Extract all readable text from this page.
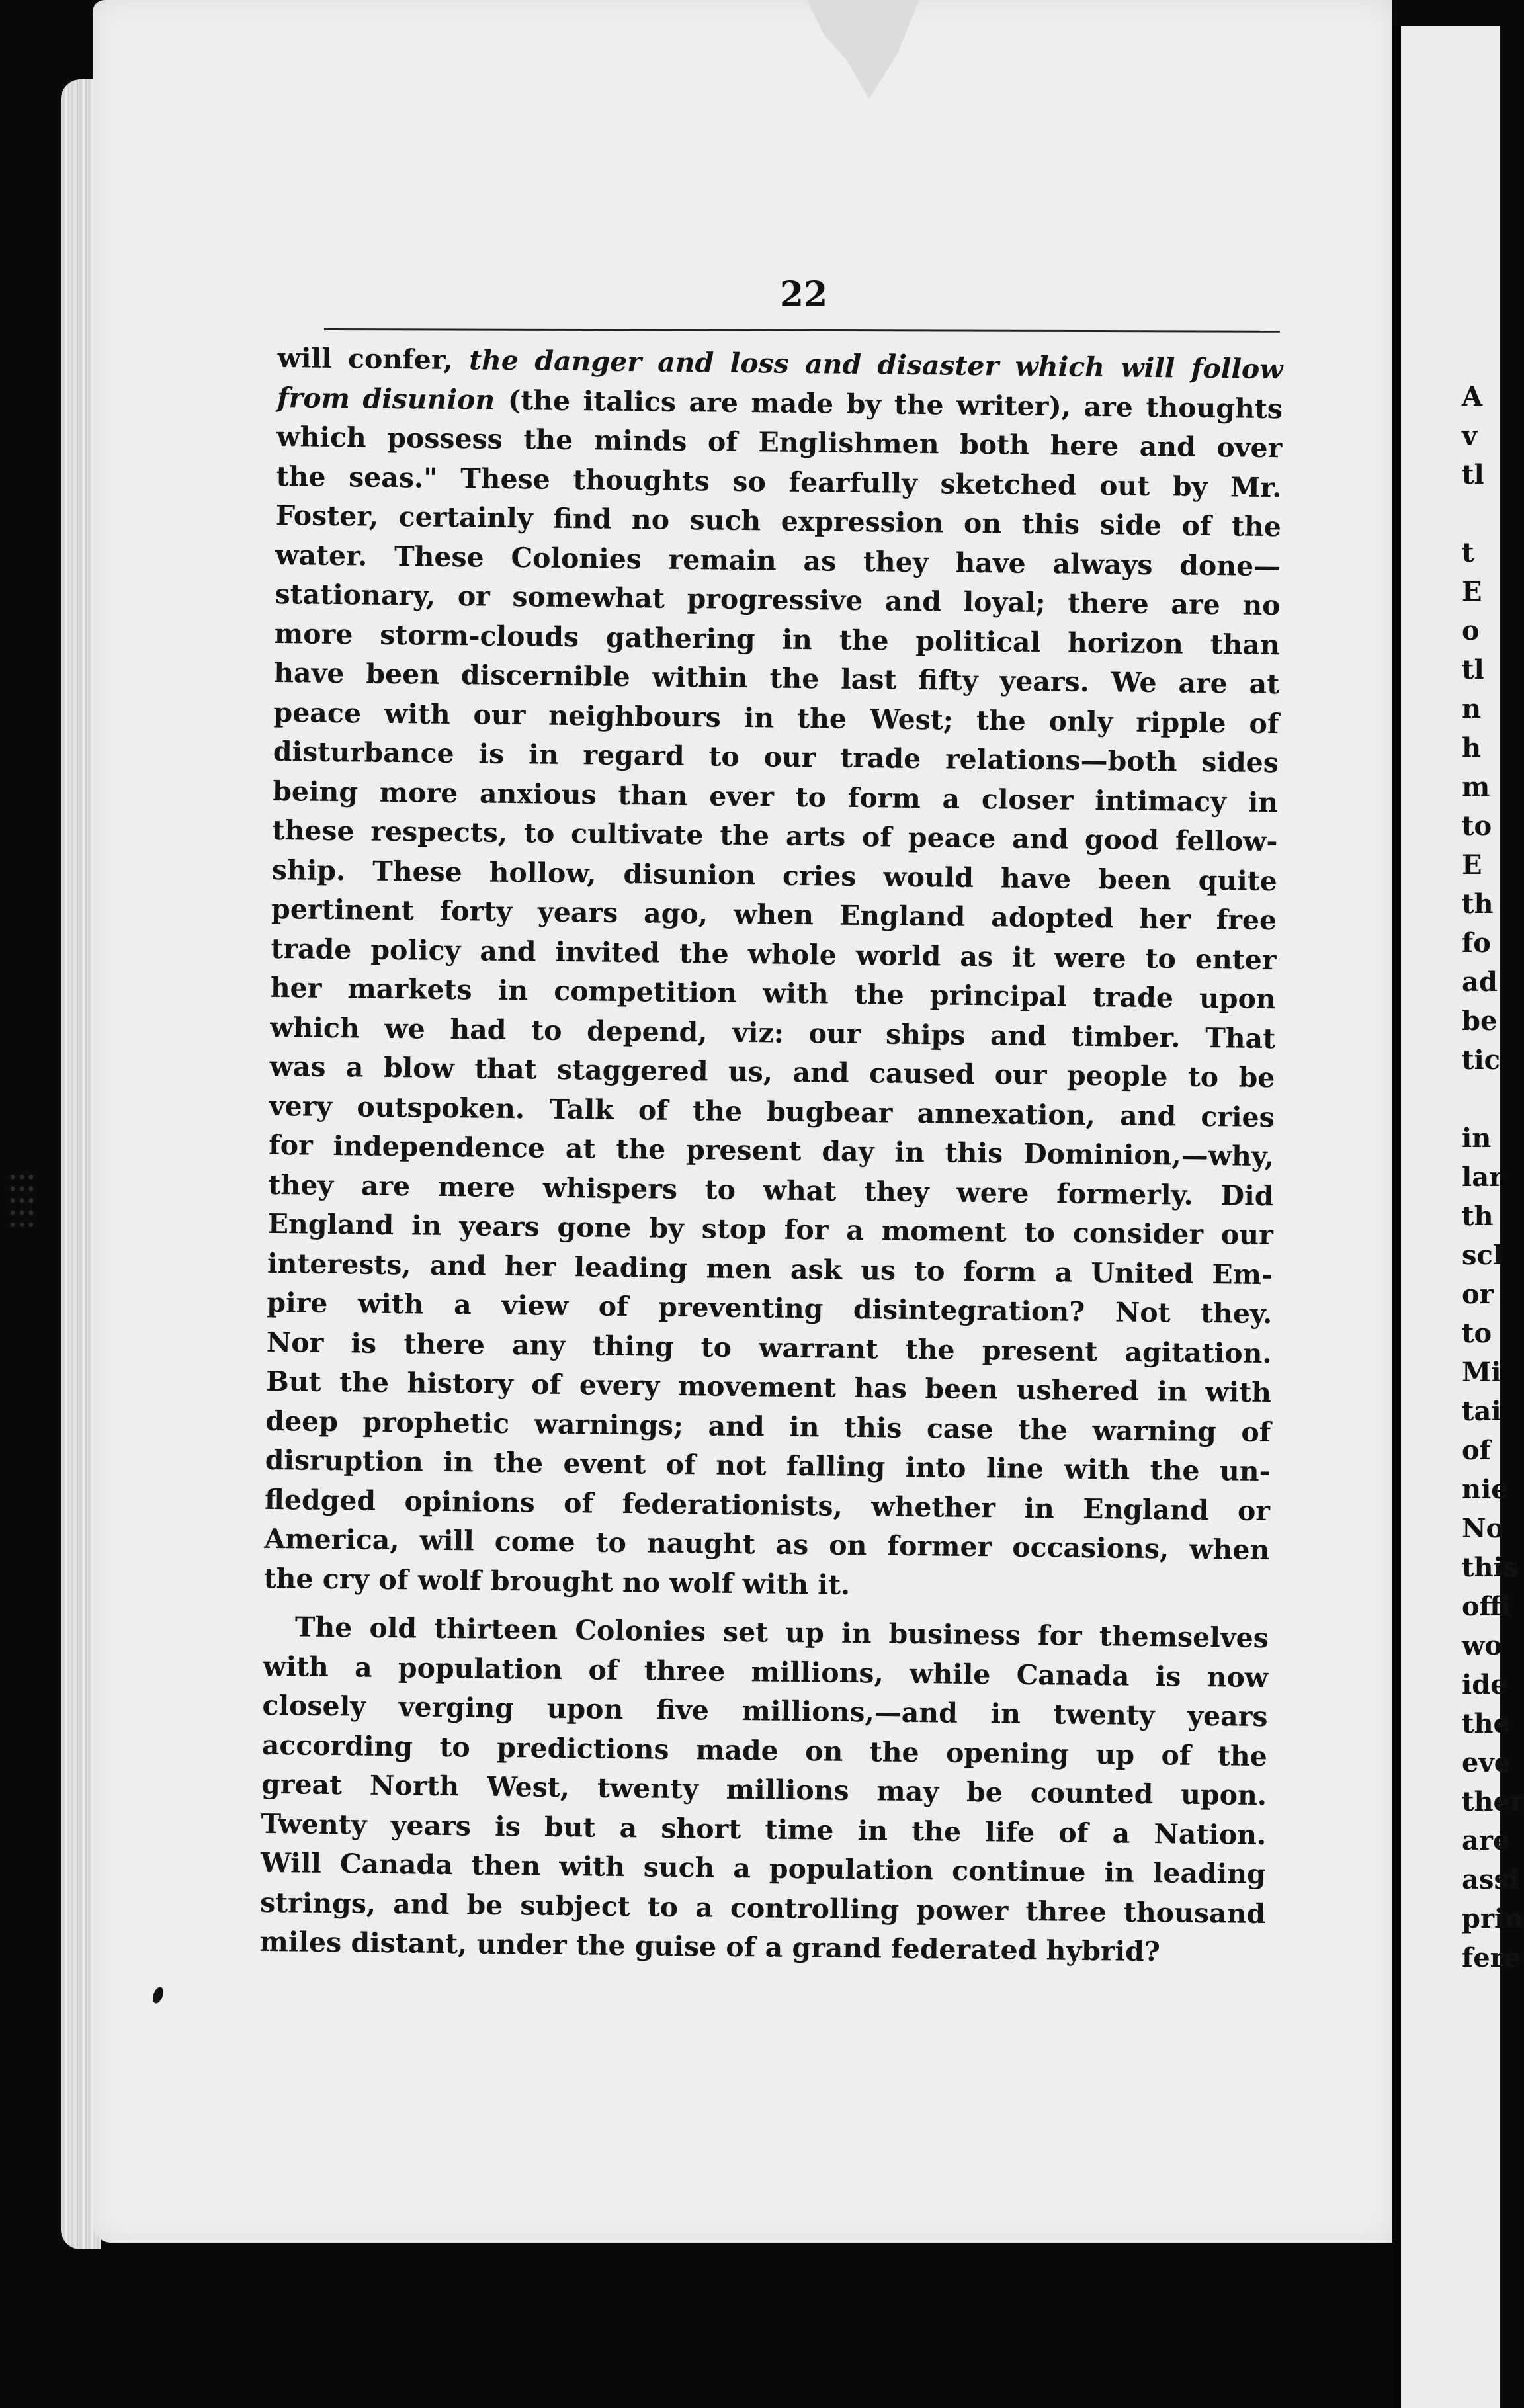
A
v
tl
t
E
o
tl
n
h
m
to
E
th
fo
ad
be
tic
in
lar
th
scl
or
to
Mi
tai
of
nie
No
this
offi
wo
ide
the
eve
ther
are
assi
prin
fere
22
will confer, the danger and loss and disaster which will follow
from disunion (the italics are made by the writer), are thoughts
which possess the minds of Englishmen both here and over
the seas." These thoughts so fearfully sketched out by Mr.
Foster, certainly find no such expression on this side of the
water. These Colonies remain as they have always done—
stationary, or somewhat progressive and loyal; there are no
more storm-clouds gathering in the political horizon than
have been discernible within the last fifty years. We are at
peace with our neighbours in the West; the only ripple of
disturbance is in regard to our trade relations—both sides
being more anxious than ever to form a closer intimacy in
these respects, to cultivate the arts of peace and good fellow-
ship. These hollow, disunion cries would have been quite
pertinent forty years ago, when England adopted her free
trade policy and invited the whole world as it were to enter
her markets in competition with the principal trade upon
which we had to depend, viz: our ships and timber. That
was a blow that staggered us, and caused our people to be
very outspoken. Talk of the bugbear annexation, and cries
for independence at the present day in this Dominion,—why,
they are mere whispers to what they were formerly. Did
England in years gone by stop for a moment to consider our
interests, and her leading men ask us to form a United Em-
pire with a view of preventing disintegration? Not they.
Nor is there any thing to warrant the present agitation.
But the history of every movement has been ushered in with
deep prophetic warnings; and in this case the warning of
disruption in the event of not falling into line with the un-
fledged opinions of federationists, whether in England or
America, will come to naught as on former occasions, when
the cry of wolf brought no wolf with it.
The old thirteen Colonies set up in business for themselves
with a population of three millions, while Canada is now
closely verging upon five millions,—and in twenty years
according to predictions made on the opening up of the
great North West, twenty millions may be counted upon.
Twenty years is but a short time in the life of a Nation.
Will Canada then with such a population continue in leading
strings, and be subject to a controlling power three thousand
miles distant, under the guise of a grand federated hybrid?
